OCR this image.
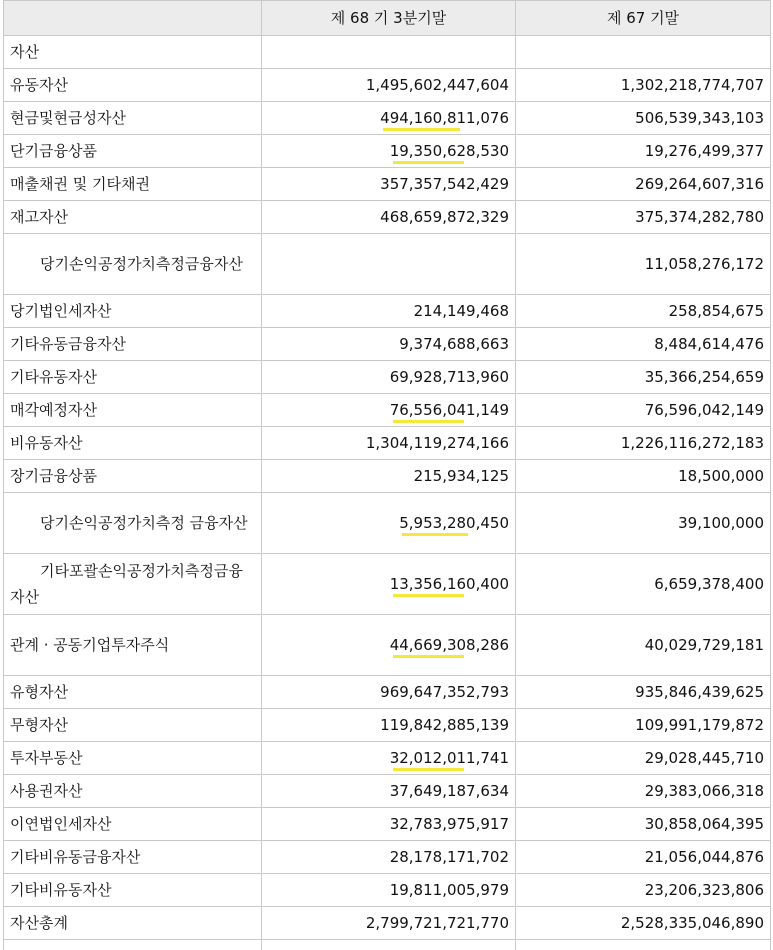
	제 68 기 3분기말	제 67 기말
자산		
유동자산	1,495,602,447,604	1,302,218,774,707
현금및현금성자산	494,160,811,076	506,539,343,103
단기금융상품	19,350,628,530	19,276,499,377
매출채권 및 기타채권	357,357,542,429	269,264,607,316
재고자산	468,659,872,329	375,374,282,780
당기손익공정가치측정금융자산		11,058,276,172
당기법인세자산	214,149,468	258,854,675
기타유동금융자산	9,374,688,663	8,484,614,476
기타유동자산	69,928,713,960	35,366,254,659
매각예정자산	76,556,041,149	76,596,042,149
비유동자산	1,304,119,274,166	1,226,116,272,183
장기금융상품	215,934,125	18,500,000
당기손익공정가치측정 금융자산	5,953,280,450	39,100,000
기타포괄손익공정가치측정금융자산	13,356,160,400	6,659,378,400
관계 · 공동기업투자주식	44,669,308,286	40,029,729,181
유형자산	969,647,352,793	935,846,439,625
무형자산	119,842,885,139	109,991,179,872
투자부동산	32,012,011,741	29,028,445,710
사용권자산	37,649,187,634	29,383,066,318
이연법인세자산	32,783,975,917	30,858,064,395
기타비유동금융자산	28,178,171,702	21,056,044,876
기타비유동자산	19,811,005,979	23,206,323,806
자산총계	2,799,721,721,770	2,528,335,046,890
